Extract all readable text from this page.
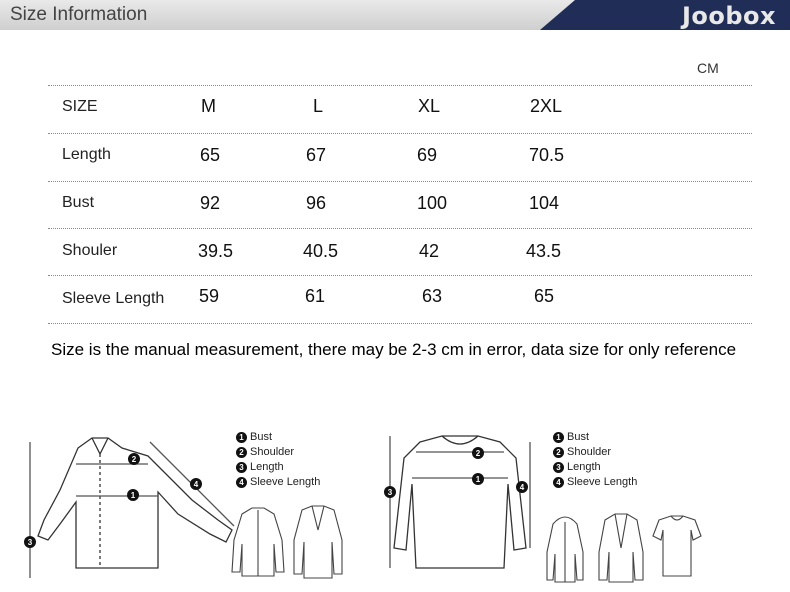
Size Information	Joobox
CM
SIZE	M	L	XL	2XL
Length	65	67	69	70.5
Bust	92	96	100	104
Shouler	39.5	40.5	42	43.5
Sleeve Length 59	61	63	65
Size is the manual measurement, there may be 2-3 cm in error, data size for only reference
2
1
4
3
1 Bust
2 Shoulder
3 Length
4 Sleeve Length
2
1
4
3
1 Bust
2 Shoulder
3 Length
4 Sleeve Length
